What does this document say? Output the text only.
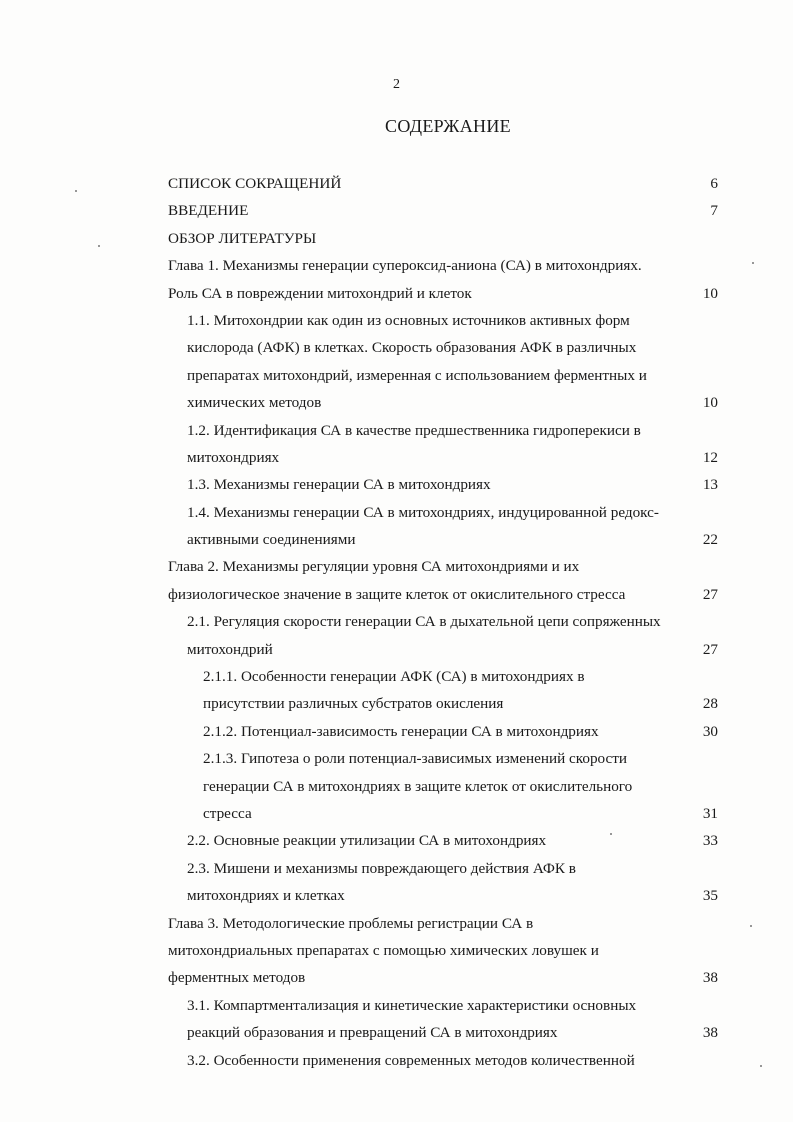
2
СОДЕРЖАНИЕ
СПИСОК СОКРАЩЕНИЙ	6
ВВЕДЕНИЕ	7
ОБЗОР ЛИТЕРАТУРЫ
Глава 1. Механизмы генерации супероксид-аниона (СА) в митохондриях.
Роль СА в повреждении митохондрий и клеток	10
1.1. Митохондрии как один из основных источников активных форм
кислорода (АФК) в клетках. Скорость образования АФК в различных
препаратах митохондрий, измеренная с использованием ферментных и
химических методов	10
1.2. Идентификация СА в качестве предшественника гидроперекиси в
митохондриях	12
1.3. Механизмы генерации СА в митохондриях	13
1.4. Механизмы генерации СА в митохондриях, индуцированной редокс-
активными соединениями	22
Глава 2. Механизмы регуляции уровня СА митохондриями и их
физиологическое значение в защите клеток от окислительного стресса	27
2.1. Регуляция скорости генерации СА в дыхательной цепи сопряженных
митохондрий	27
2.1.1. Особенности генерации АФК (СА) в митохондриях в
присутствии различных субстратов окисления	28
2.1.2. Потенциал-зависимость генерации СА в митохондриях	30
2.1.3. Гипотеза о роли потенциал-зависимых изменений скорости
генерации СА в митохондриях в защите клеток от окислительного
стресса	31
2.2. Основные реакции утилизации СА в митохондриях	33
2.3. Мишени и механизмы повреждающего действия АФК в
митохондриях и клетках	35
Глава 3. Методологические проблемы регистрации СА в
митохондриальных препаратах с помощью химических ловушек и
ферментных методов	38
3.1. Компартментализация и кинетические характеристики основных
реакций образования и превращений СА в митохондриях	38
3.2. Особенности применения современных методов количественной
